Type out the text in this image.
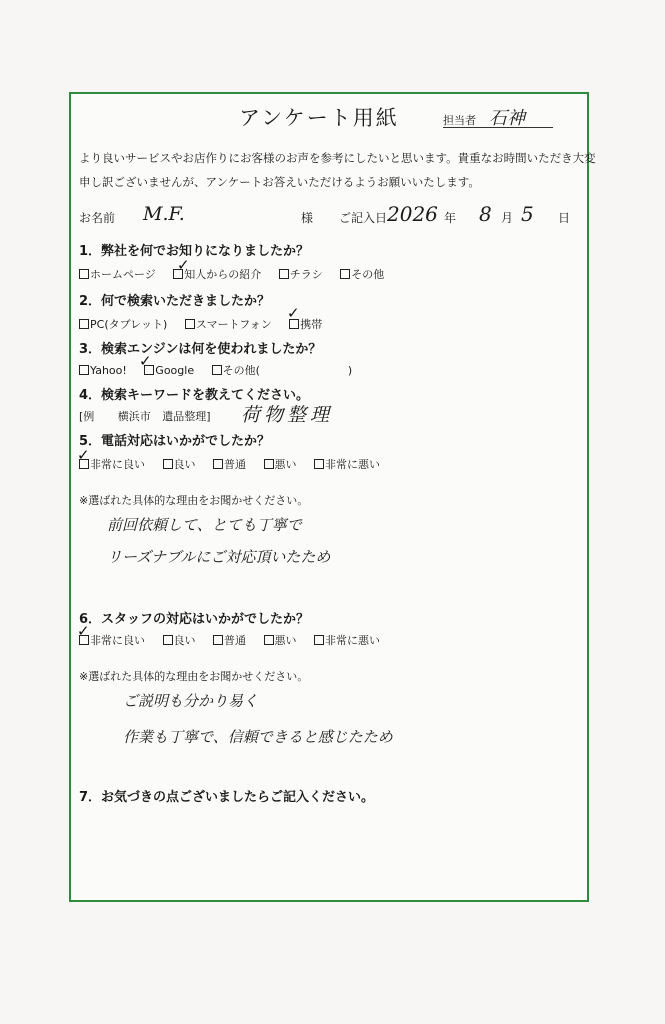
アンケート用紙	担当者 石神
より良いサービスやお店作りにお客様のお声を参考にしたいと思います。貴重なお時間いただき大変
申し訳ございませんが、アンケートお答えいただけるようお願いいたします。
お名前 M.F.	様 ご記入日 2026 年 8 月 5 日
1．弊社を何でお知りになりましたか？
ホームページ
	知人からの紹介
	チラシ
	その他
✓
2．何で検索いただきましたか？
PC(タブレット)
	スマートフォン
	携帯
✓
3．検索エンジンは何を使われましたか？
Yahoo!
	Google
	その他(　　　　　　　　)
✓
4．検索キーワードを教えてください。
[例 横浜市 遺品整理] 荷物整理
5．電話対応はいかがでしたか？
非常に良い
	良い
	普通
	悪い
	非常に悪い
✓
※選ばれた具体的な理由をお聞かせください。
前回依頼して、とても丁寧で
リーズナブルにご対応頂いたため
6．スタッフの対応はいかがでしたか？
非常に良い
	良い
	普通
	悪い
	非常に悪い
✓
※選ばれた具体的な理由をお聞かせください。
ご説明も分かり易く
作業も丁寧で、信頼できると感じたため
7．お気づきの点ございましたらご記入ください。
